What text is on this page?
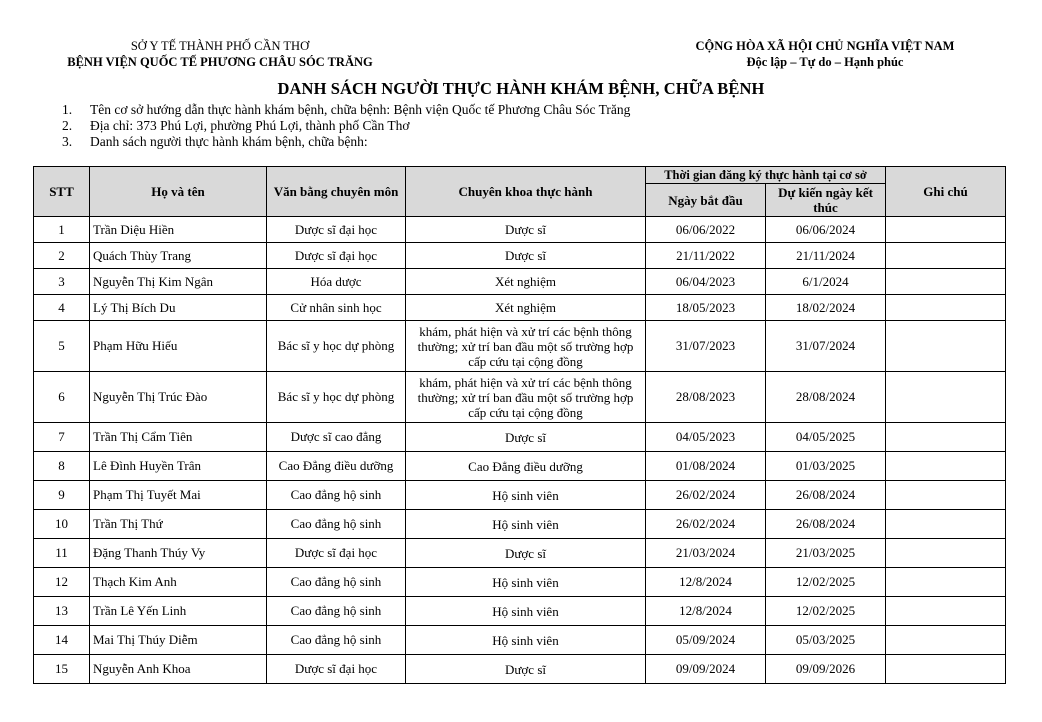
SỞ Y TẾ THÀNH PHỐ CẦN THƠ
BỆNH VIỆN QUỐC TẾ PHƯƠNG CHÂU SÓC TRĂNG
CỘNG HÒA XÃ HỘI CHỦ NGHĨA VIỆT NAM
Độc lập – Tự do – Hạnh phúc
DANH SÁCH NGƯỜI THỰC HÀNH KHÁM BỆNH, CHỮA BỆNH
1. Tên cơ sở hướng dẫn thực hành khám bệnh, chữa bệnh: Bệnh viện Quốc tế Phương Châu Sóc Trăng
2. Địa chỉ: 373 Phú Lợi, phường Phú Lợi, thành phố Cần Thơ
3. Danh sách người thực hành khám bệnh, chữa bệnh:
STT	Họ và tên	Văn bằng chuyên môn	Chuyên khoa thực hành	Thời gian đăng ký thực hành tại cơ sở		Ghi chú
				Ngày bắt đầu	Dự kiến ngày kết thúc	
1	Trần Diệu Hiền	Dược sĩ đại học	Dược sĩ	06/06/2022	06/06/2024	
2	Quách Thùy Trang	Dược sĩ đại học	Dược sĩ	21/11/2022	21/11/2024	
3	Nguyễn Thị Kim Ngân	Hóa dược	Xét nghiệm	06/04/2023	6/1/2024	
4	Lý Thị Bích Du	Cử nhân sinh học	Xét nghiệm	18/05/2023	18/02/2024	
5	Phạm Hữu Hiếu	Bác sĩ y học dự phòng	khám, phát hiện và xử trí các bệnh thông thường; xử trí ban đầu một số trường hợp cấp cứu tại cộng đồng	31/07/2023	31/07/2024	
6	Nguyễn Thị Trúc Đào	Bác sĩ y học dự phòng	khám, phát hiện và xử trí các bệnh thông thường; xử trí ban đầu một số trường hợp cấp cứu tại cộng đồng	28/08/2023	28/08/2024	
7	Trần Thị Cẩm Tiên	Dược sĩ cao đẳng	Dược sĩ	04/05/2023	04/05/2025	
8	Lê Đình Huyền Trân	Cao Đẳng điều dưỡng	Cao Đẳng điều dưỡng	01/08/2024	01/03/2025	
9	Phạm Thị Tuyết Mai	Cao đẳng hộ sinh	Hộ sinh viên	26/02/2024	26/08/2024	
10	Trần Thị Thứ	Cao đẳng hộ sinh	Hộ sinh viên	26/02/2024	26/08/2024	
11	Đặng Thanh Thúy Vy	Dược sĩ đại học	Dược sĩ	21/03/2024	21/03/2025	
12	Thạch Kim Anh	Cao đẳng hộ sinh	Hộ sinh viên	12/8/2024	12/02/2025	
13	Trần Lê Yến Linh	Cao đẳng hộ sinh	Hộ sinh viên	12/8/2024	12/02/2025	
14	Mai Thị Thúy Diễm	Cao đẳng hộ sinh	Hộ sinh viên	05/09/2024	05/03/2025	
15	Nguyễn Anh Khoa	Dược sĩ đại học	Dược sĩ	09/09/2024	09/09/2026	
